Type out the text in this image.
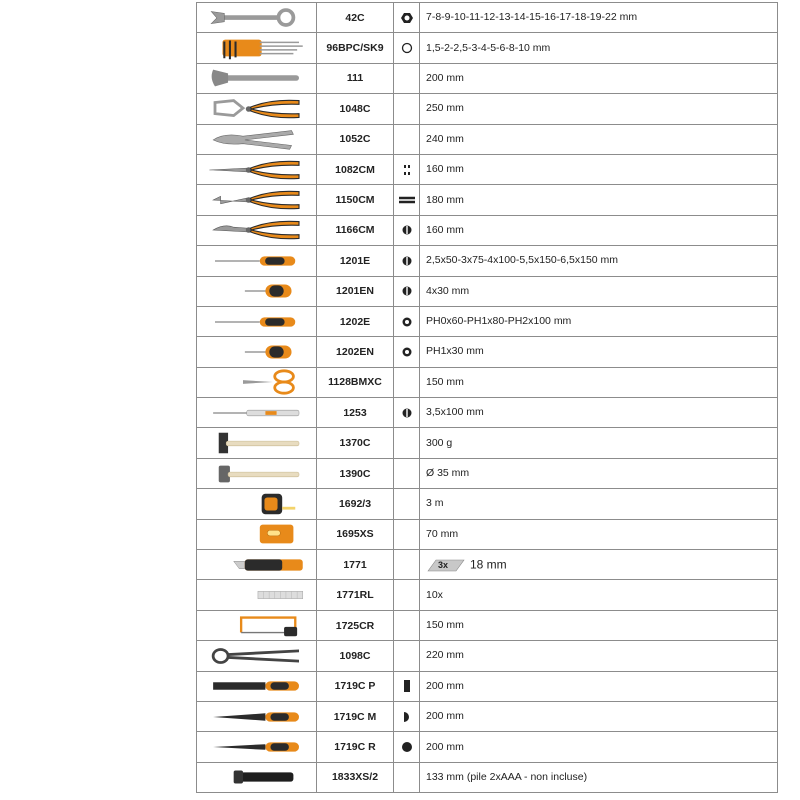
	42C		7-8-9-10-11-12-13-14-15-16-17-18-19-22 mm

	96BPC/SK9		1,5-2-2,5-3-4-5-6-8-10 mm

	111		200 mm

	1048C		250 mm

	1052C		240 mm

	1082CM		160 mm

	1150CM		180 mm

	1166CM		160 mm

	1201E		2,5x50-3x75-4x100-5,5x150-6,5x150 mm

	1201EN		4x30 mm

	1202E		PH0x60-PH1x80-PH2x100 mm

	1202EN		PH1x30 mm

	1128BMXC		150 mm

	1253		3,5x100 mm

	1370C		300 g

	1390C		Ø 35 mm

	1692/3		3 m

	1695XS		70 mm

	1771		3x 18 mm

	1771RL		10x

	1725CR		150 mm

	1098C		220 mm

	1719C P		200 mm

	1719C M		200 mm

	1719C R		200 mm

	1833XS/2		133 mm (pile 2xAAA - non incluse)
